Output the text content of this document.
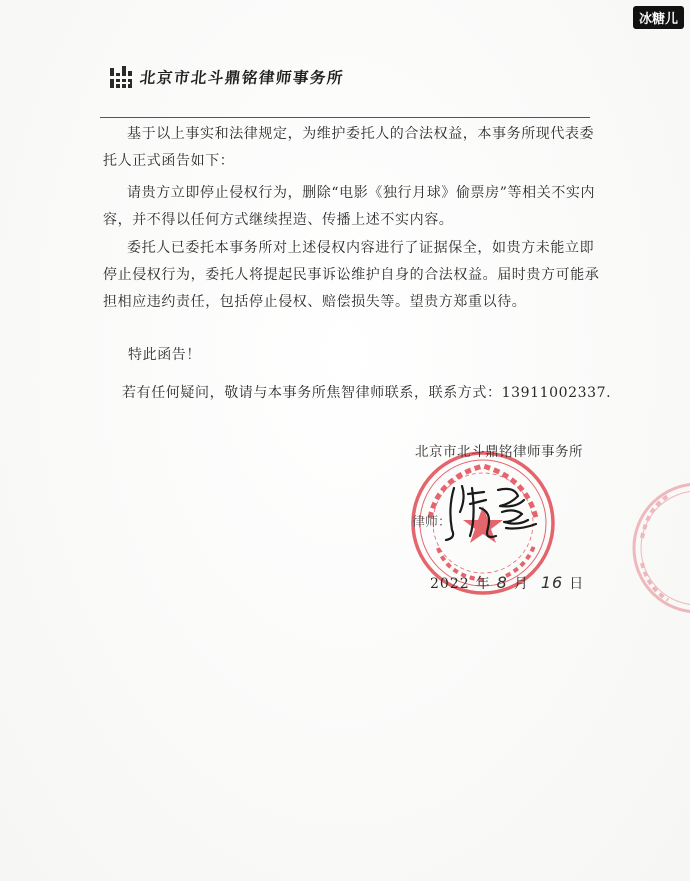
冰糖儿
北京市北斗鼎铭律师事务所
基于以上事实和法律规定，为维护委托人的合法权益，本事务所现代表委托人正式函告如下：
请贵方立即停止侵权行为，删除“电影《独行月球》偷票房”等相关不实内容，并不得以任何方式继续捏造、传播上述不实内容。
委托人已委托本事务所对上述侵权内容进行了证据保全，如贵方未能立即停止侵权行为，委托人将提起民事诉讼维护自身的合法权益。届时贵方可能承担相应违约责任，包括停止侵权、赔偿损失等。望贵方郑重以待。
特此函告！
若有任何疑问，敬请与本事务所焦智律师联系，联系方式：13911002337.
北京市北斗鼎铭律师事务所
律师：
2022 年 8 月 16 日
